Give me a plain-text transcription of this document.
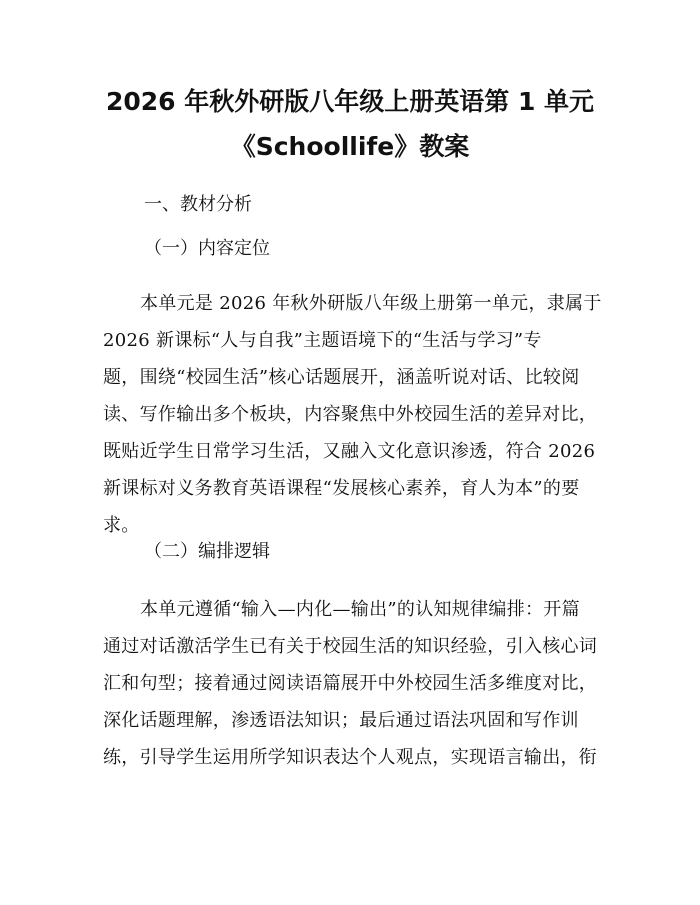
2026 年秋外研版八年级上册英语第 1 单元
《Schoollife》教案

一、教材分析

（一）内容定位

本单元是 2026 年秋外研版八年级上册第一单元，隶属于
2026 新课标“人与自我”主题语境下的“生活与学习”专
题，围绕“校园生活”核心话题展开，涵盖听说对话、比较阅
读、写作输出多个板块，内容聚焦中外校园生活的差异对比，
既贴近学生日常学习生活，又融入文化意识渗透，符合 2026
新课标对义务教育英语课程“发展核心素养，育人为本”的要
求。

（二）编排逻辑

本单元遵循“输入—内化—输出”的认知规律编排：开篇
通过对话激活学生已有关于校园生活的知识经验，引入核心词
汇和句型；接着通过阅读语篇展开中外校园生活多维度对比，
深化话题理解，渗透语法知识；最后通过语法巩固和写作训
练，引导学生运用所学知识表达个人观点，实现语言输出，衔
